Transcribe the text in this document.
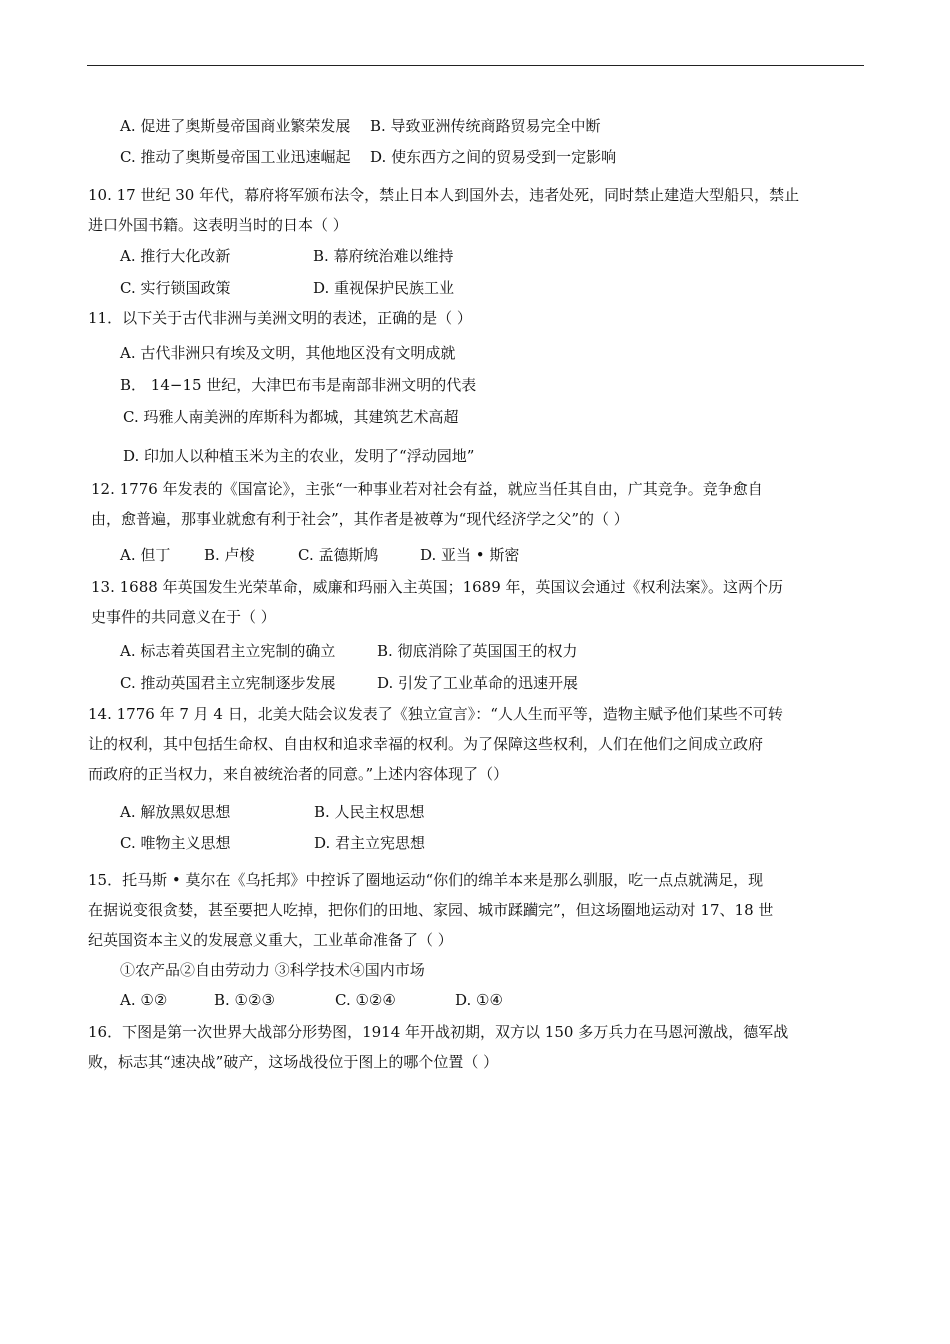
A. 促进了奥斯曼帝国商业繁荣发展 B. 导致亚洲传统商路贸易完全中断
C. 推动了奥斯曼帝国工业迅速崛起 D. 使东西方之间的贸易受到一定影响
10. 17 世纪 30 年代，幕府将军颁布法令，禁止日本人到国外去，违者处死，同时禁止建造大型船只，禁止
进口外国书籍。这表明当时的日本（ ）
A. 推行大化改新	B. 幕府统治难以维持
C. 实行锁国政策	D. 重视保护民族工业
11．以下关于古代非洲与美洲文明的表述，正确的是（ ）
A. 古代非洲只有埃及文明，其他地区没有文明成就
B． 14−15 世纪，大津巴布韦是南部非洲文明的代表
C. 玛雅人南美洲的库斯科为都城，其建筑艺术高超
D. 印加人以种植玉米为主的农业，发明了“浮动园地”
12. 1776 年发表的《国富论》，主张“一种事业若对社会有益，就应当任其自由，广其竞争。竞争愈自
由，愈普遍，那事业就愈有利于社会”，其作者是被尊为“现代经济学之父”的（ ）
A. 但丁 B. 卢梭	C. 孟德斯鸠	D. 亚当 • 斯密
13. 1688 年英国发生光荣革命，威廉和玛丽入主英国；1689 年，英国议会通过《权利法案》。这两个历
史事件的共同意义在于（ ）
A. 标志着英国君主立宪制的确立	B. 彻底消除了英国国王的权力
C. 推动英国君主立宪制逐步发展	D. 引发了工业革命的迅速开展
14. 1776 年 7 月 4 日，北美大陆会议发表了《独立宣言》：“人人生而平等，造物主赋予他们某些不可转
让的权利，其中包括生命权、自由权和追求幸福的权利。为了保障这些权利，人们在他们之间成立政府
而政府的正当权力，来自被统治者的同意。”上述内容体现了（）
A. 解放黑奴思想	B. 人民主权思想
C. 唯物主义思想	D. 君主立宪思想
15．托马斯 • 莫尔在《乌托邦》中控诉了圈地运动“你们的绵羊本来是那么驯服，吃一点点就满足，现
在据说变很贪婪，甚至要把人吃掉，把你们的田地、家园、城市蹂躏完”，但这场圈地运动对 17、18 世
纪英国资本主义的发展意义重大，工业革命准备了（ ）
①农产品②自由劳动力 ③科学技术④国内市场
A. ①②	B. ①②③	C. ①②④	D. ①④
16．下图是第一次世界大战部分形势图，1914 年开战初期，双方以 150 多万兵力在马恩河激战，德军战
败，标志其“速决战”破产，这场战役位于图上的哪个位置（ ）
